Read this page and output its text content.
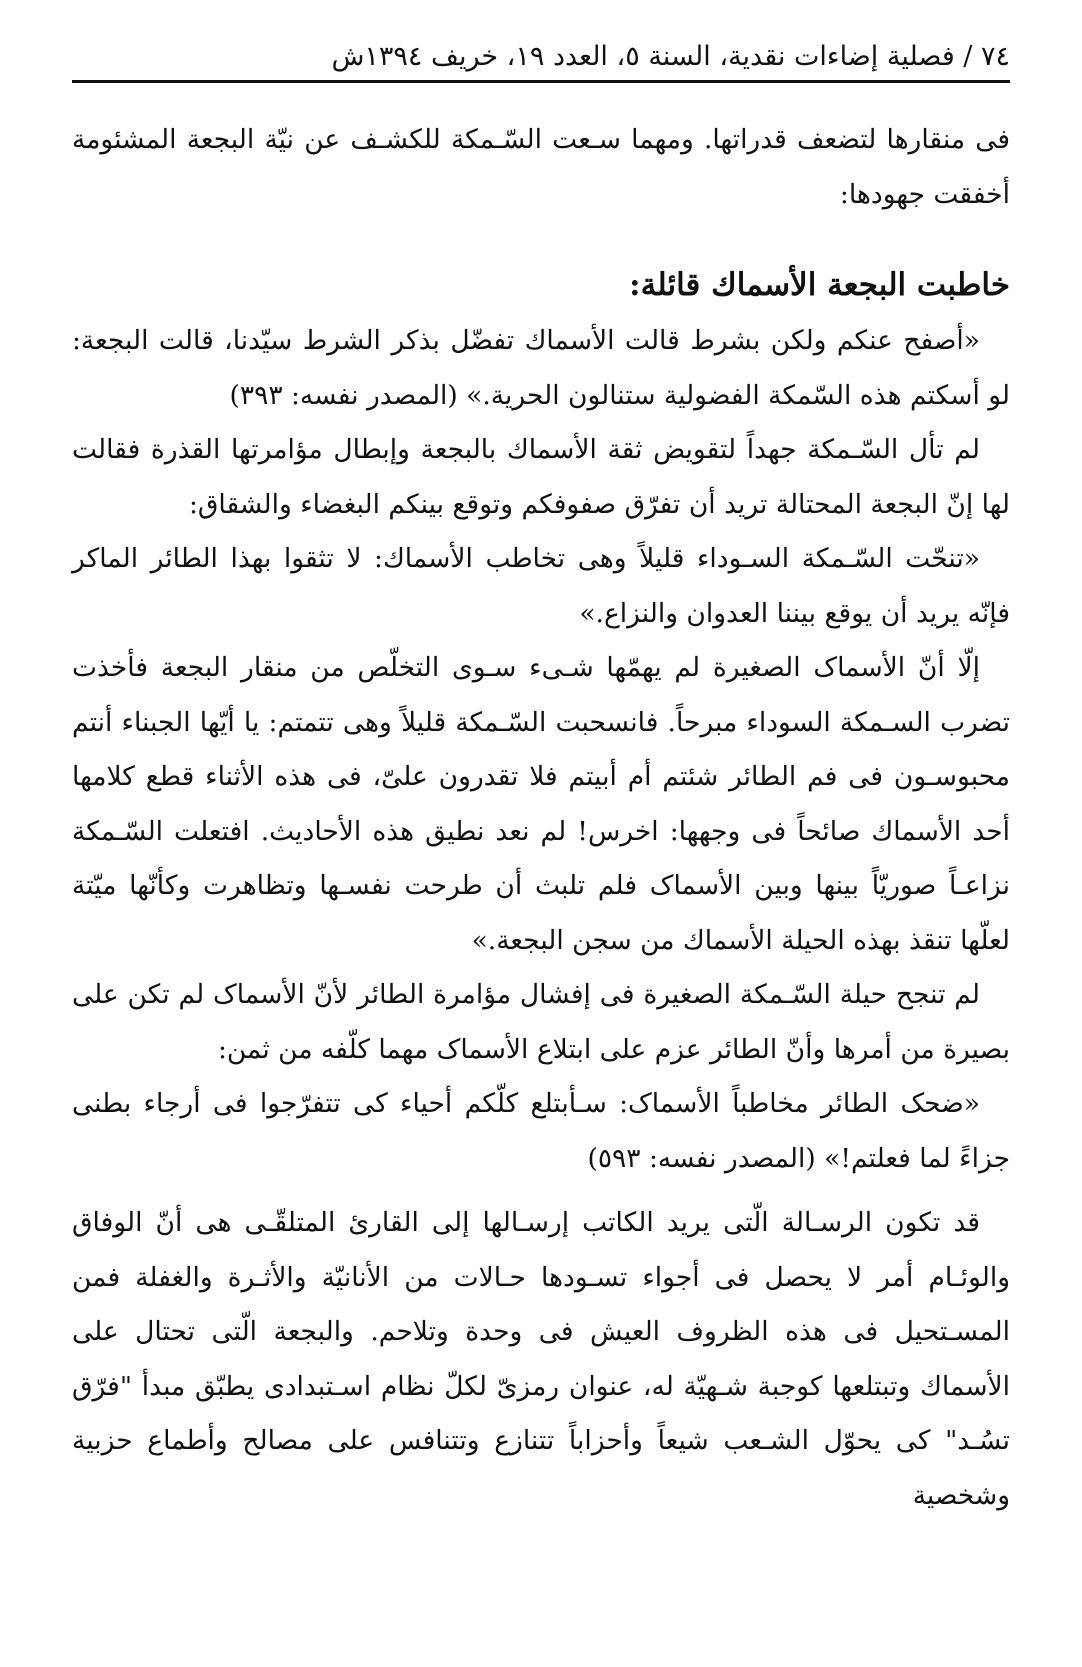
٧٤ / فصلية إضاءات نقدية، السنة ٥، العدد ١٩، خريف ١٣٩٤ش

فى منقارها لتضعف قدراتها. ومهما سـعت السّـمكة للكشـف عن نيّة البجعة المشئومة أخفقت جهودها:

خاطبت البجعة الأسماك قائلة:

«أصفح عنكم ولكن بشرط قالت الأسماك تفضّل بذكر الشرط سيّدنا، قالت البجعة: لو أسكتم هذه السّمكة الفضولية ستنالون الحرية.» (المصدر نفسه: ٣٩٣)

لم تأل السّـمكة جهداً لتقويض ثقة الأسماك بالبجعة وإبطال مؤامرتها القذرة فقالت لها إنّ البجعة المحتالة تريد أن تفرّق صفوفكم وتوقع بينكم البغضاء والشقاق:

«تنحّت السّـمكة السـوداء قليلاً وهى تخاطب الأسماك: لا تثقوا بهذا الطائر الماكر فإنّه يريد أن يوقع بيننا العدوان والنزاع.»

إلّا أنّ الأسماک الصغيرة لم يهمّها شـىء سـوى التخلّص من منقار البجعة فأخذت تضرب السـمكة السوداء مبرحاً. فانسحبت السّـمكة قليلاً وهى تتمتم: يا أيّها الجبناء أنتم محبوسـون فى فم الطائر شئتم أم أبيتم فلا تقدرون علىّ، فى هذه الأثناء قطع كلامها أحد الأسماك صائحاً فى وجهها: اخرس! لم نعد نطيق هذه الأحاديث. افتعلت السّـمكة نزاعـاً صوريّاً بينها وبين الأسماک فلم تلبث أن طرحت نفسـها وتظاهرت وكأنّها ميّتة لعلّها تنقذ بهذه الحيلة الأسماك من سجن البجعة.»

لم تنجح حيلة السّـمكة الصغيرة فى إفشال مؤامرة الطائر لأنّ الأسماک لم تكن على بصيرة من أمرها وأنّ الطائر عزم على ابتلاع الأسماک مهما كلّفه من ثمن:

«ضحک الطائر مخاطباً الأسماک: سـأبتلع كلّكم أحياء كى تتفرّجوا فى أرجاء بطنى جزاءً لما فعلتم!» (المصدر نفسه: ٥٩٣)

قد تكون الرسـالة الّتى يريد الكاتب إرسـالها إلى القارئ المتلقّـى هى أنّ الوفاق والوئـام أمر لا يحصل فى أجواء تسـودها حـالات من الأنانيّة والأثـرة والغفلة فمن المسـتحيل فى هذه الظروف العيش فى وحدة وتلاحم. والبجعة الّتى تحتال على الأسماك وتبتلعها كوجبة شـهيّة له، عنوان رمزىّ لكلّ نظام اسـتبدادى يطبّق مبدأ "فرّق تسُـد" كى يحوّل الشـعب شيعاً وأحزاباً تتنازع وتتنافس على مصالح وأطماع حزبية وشخصية
